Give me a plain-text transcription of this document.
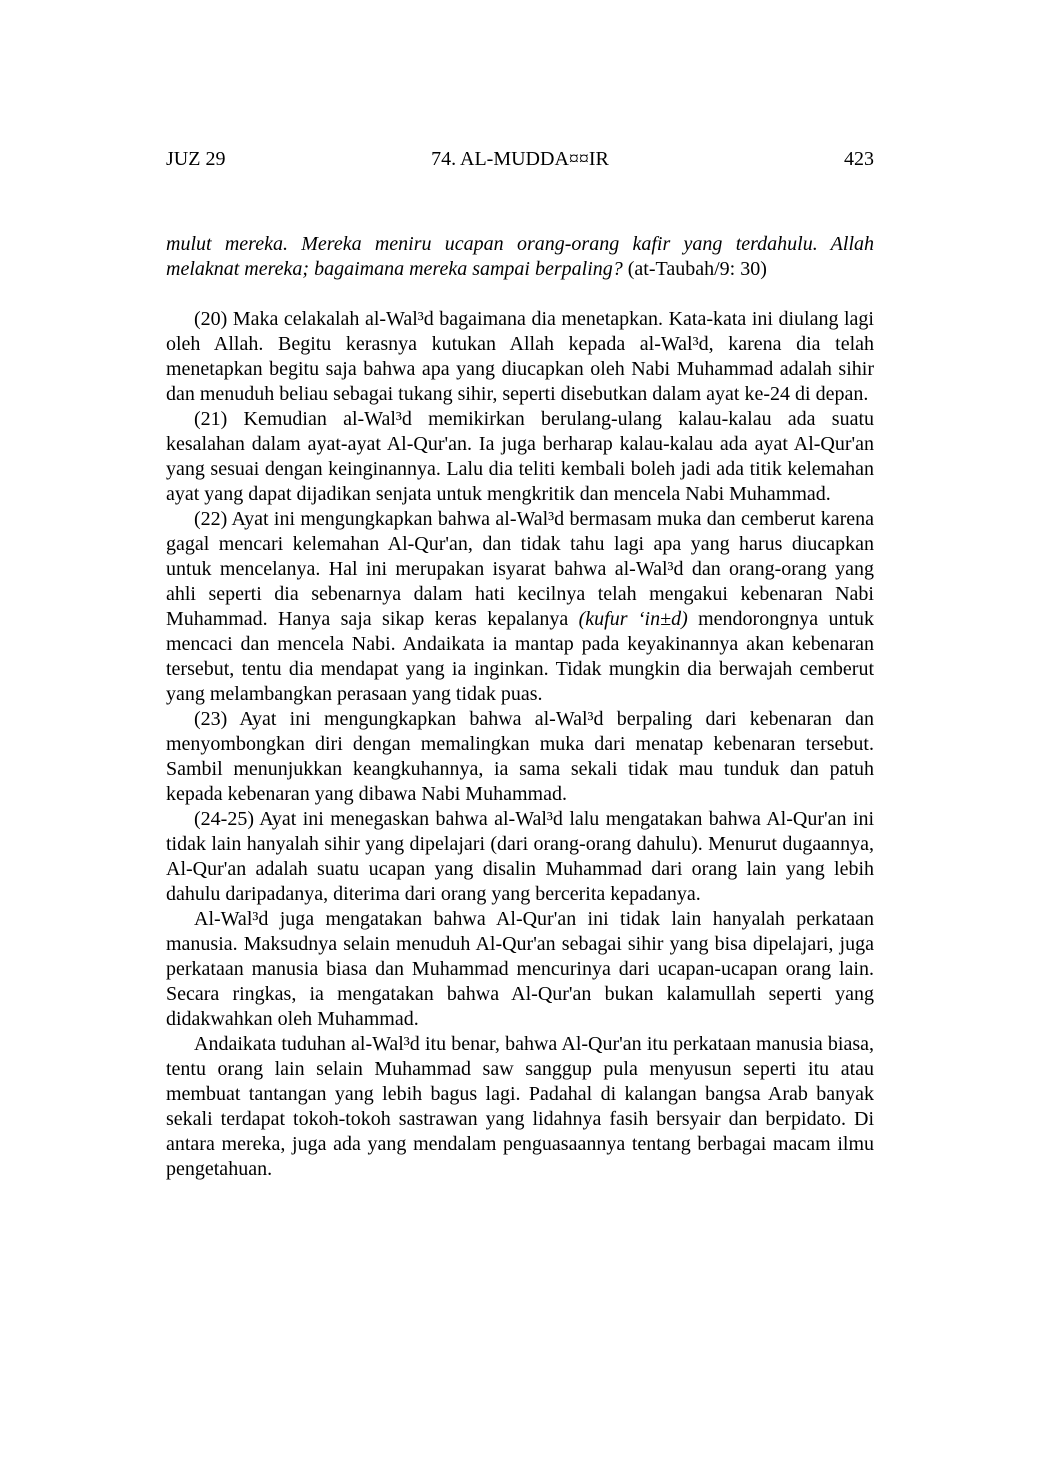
JUZ 29	74. AL-MUDDA¤¤IR	423

mulut mereka. Mereka meniru ucapan orang-orang kafir yang terdahulu. Allah melaknat mereka; bagaimana mereka sampai berpaling? (at-Taubah/9: 30)

(20) Maka celakalah al-Wal³d bagaimana dia menetapkan. Kata-kata ini diulang lagi oleh Allah. Begitu kerasnya kutukan Allah kepada al-Wal³d, karena dia telah menetapkan begitu saja bahwa apa yang diucapkan oleh Nabi Muhammad adalah sihir dan menuduh beliau sebagai tukang sihir, seperti disebutkan dalam ayat ke-24 di depan.

(21) Kemudian al-Wal³d memikirkan berulang-ulang kalau-kalau ada suatu kesalahan dalam ayat-ayat Al-Qur'an. Ia juga berharap kalau-kalau ada ayat Al-Qur'an yang sesuai dengan keinginannya. Lalu dia teliti kembali boleh jadi ada titik kelemahan ayat yang dapat dijadikan senjata untuk mengkritik dan mencela Nabi Muhammad.

(22) Ayat ini mengungkapkan bahwa al-Wal³d bermasam muka dan cemberut karena gagal mencari kelemahan Al-Qur'an, dan tidak tahu lagi apa yang harus diucapkan untuk mencelanya. Hal ini merupakan isyarat bahwa al-Wal³d dan orang-orang yang ahli seperti dia sebenarnya dalam hati kecilnya telah mengakui kebenaran Nabi Muhammad. Hanya saja sikap keras kepalanya (kufur ‘in±d) mendorongnya untuk mencaci dan mencela Nabi. Andaikata ia mantap pada keyakinannya akan kebenaran tersebut, tentu dia mendapat yang ia inginkan. Tidak mungkin dia berwajah cemberut yang melambangkan perasaan yang tidak puas.

(23) Ayat ini mengungkapkan bahwa al-Wal³d berpaling dari kebenaran dan menyombongkan diri dengan memalingkan muka dari menatap kebenaran tersebut. Sambil menunjukkan keangkuhannya, ia sama sekali tidak mau tunduk dan patuh kepada kebenaran yang dibawa Nabi Muhammad.

(24-25) Ayat ini menegaskan bahwa al-Wal³d lalu mengatakan bahwa Al-Qur'an ini tidak lain hanyalah sihir yang dipelajari (dari orang-orang dahulu). Menurut dugaannya, Al-Qur'an adalah suatu ucapan yang disalin Muhammad dari orang lain yang lebih dahulu daripadanya, diterima dari orang yang bercerita kepadanya.

Al-Wal³d juga mengatakan bahwa Al-Qur'an ini tidak lain hanyalah perkataan manusia. Maksudnya selain menuduh Al-Qur'an sebagai sihir yang bisa dipelajari, juga perkataan manusia biasa dan Muhammad mencurinya dari ucapan-ucapan orang lain. Secara ringkas, ia mengatakan bahwa Al-Qur'an bukan kalamullah seperti yang didakwahkan oleh Muhammad.

Andaikata tuduhan al-Wal³d itu benar, bahwa Al-Qur'an itu perkataan manusia biasa, tentu orang lain selain Muhammad saw sanggup pula menyusun seperti itu atau membuat tantangan yang lebih bagus lagi. Padahal di kalangan bangsa Arab banyak sekali terdapat tokoh-tokoh sastrawan yang lidahnya fasih bersyair dan berpidato. Di antara mereka, juga ada yang mendalam penguasaannya tentang berbagai macam ilmu pengetahuan.
